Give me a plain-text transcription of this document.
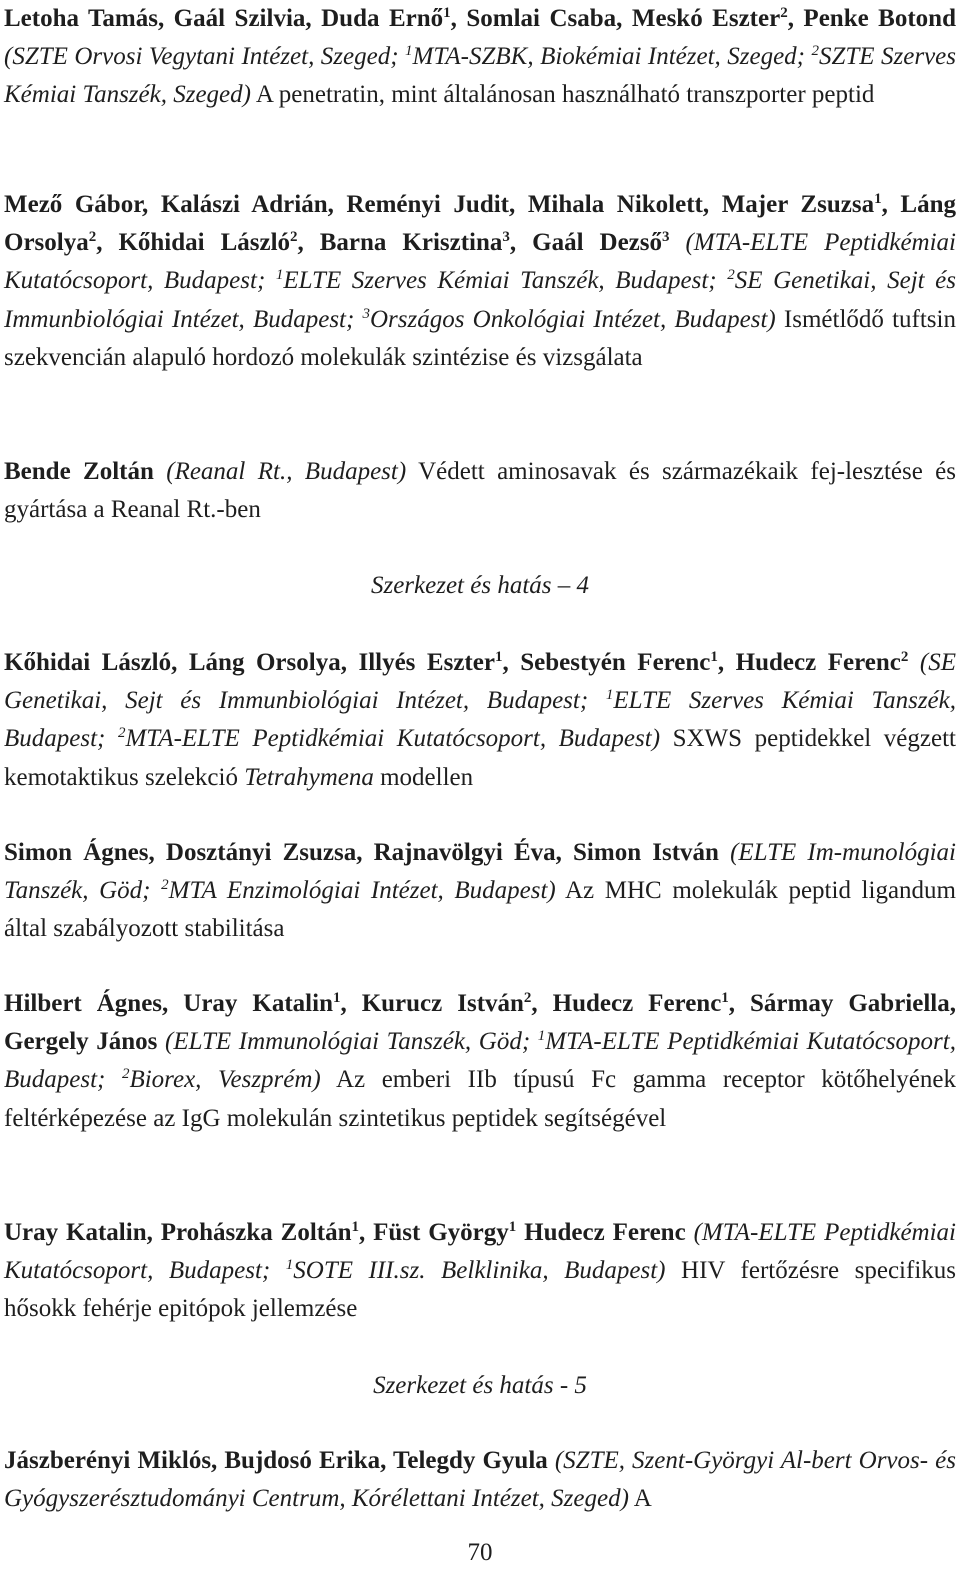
Letoha Tamás, Gaál Szilvia, Duda Ernő$^1$, Somlai Csaba, Meskó Eszter$^2$, Penke Botond (SZTE Orvosi Vegytani Intézet, Szeged; $^1$MTA-SZBK, Biokémiai Intézet, Szeged; $^2$SZTE Szerves Kémiai Tanszék, Szeged) A penetratin, mint általánosan használható transzporter peptid

Mező Gábor, Kalászi Adrián, Reményi Judit, Mihala Nikolett, Majer Zsuzsa$^1$, Láng Orsolya$^2$, Kőhidai László$^2$, Barna Krisztina$^3$, Gaál Dezső$^3$ (MTA-ELTE Peptidkémiai Kutatócsoport, Budapest; $^1$ELTE Szerves Kémiai Tanszék, Budapest; $^2$SE Genetikai, Sejt és Immunbiológiai Intézet, Budapest; $^3$Országos Onkológiai Intézet, Budapest) Ismétlődő tuftsin szekvencián alapuló hordozó molekulák szintézise és vizsgálata

Bende Zoltán (Reanal Rt., Budapest) Védett aminosavak és származékaik fej-lesztése és gyártása a Reanal Rt.-ben

Szerkezet és hatás – 4

Kőhidai László, Láng Orsolya, Illyés Eszter$^1$, Sebestyén Ferenc$^1$, Hudecz Ferenc$^2$ (SE Genetikai, Sejt és Immunbiológiai Intézet, Budapest; $^1$ELTE Szerves Kémiai Tanszék, Budapest; $^2$MTA-ELTE Peptidkémiai Kutatócsoport, Budapest) SXWS peptidekkel végzett kemotaktikus szelekció Tetrahymena modellen

Simon Ágnes, Dosztányi Zsuzsa, Rajnavölgyi Éva, Simon István (ELTE Im-munológiai Tanszék, Göd; $^2$MTA Enzimológiai Intézet, Budapest) Az MHC molekulák peptid ligandum által szabályozott stabilitása

Hilbert Ágnes, Uray Katalin$^1$, Kurucz István$^2$, Hudecz Ferenc$^1$, Sármay Gabriella, Gergely János (ELTE Immunológiai Tanszék, Göd; $^1$MTA-ELTE Peptidkémiai Kutatócsoport, Budapest; $^2$Biorex, Veszprém) Az emberi IIb típusú Fc gamma receptor kötőhelyének feltérképezése az IgG molekulán szintetikus peptidek segítségével

Uray Katalin, Prohászka Zoltán$^1$, Füst György$^1$ Hudecz Ferenc (MTA-ELTE Peptidkémiai Kutatócsoport, Budapest; $^1$SOTE III.sz. Belklinika, Budapest) HIV fertőzésre specifikus hősokk fehérje epitópok jellemzése

Szerkezet és hatás - 5

Jászberényi Miklós, Bujdosó Erika, Telegdy Gyula (SZTE, Szent-Györgyi Al-bert Orvos- és Gyógyszerésztudományi Centrum, Kórélettani Intézet, Szeged) A

70
